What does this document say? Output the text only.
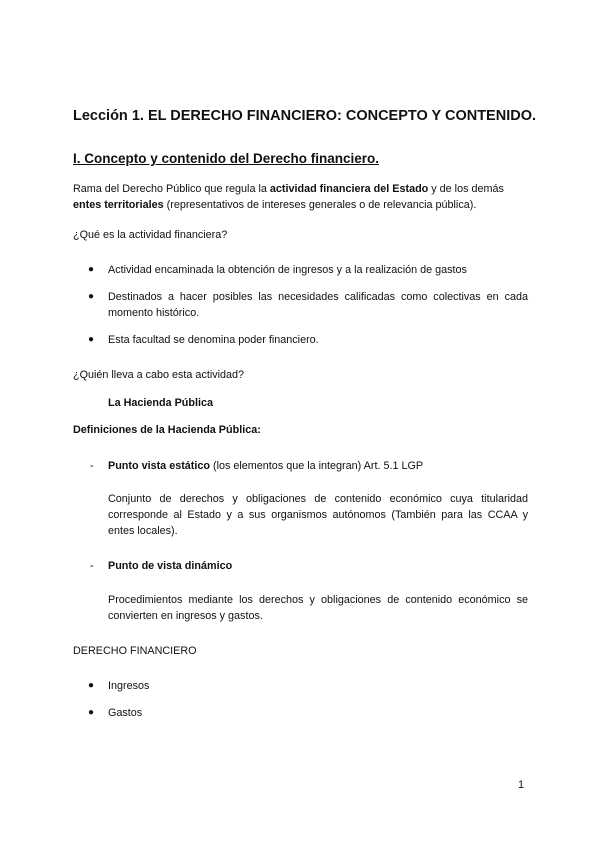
Lección 1. EL DERECHO FINANCIERO: CONCEPTO Y CONTENIDO.
I. Concepto y contenido del Derecho financiero.
Rama del Derecho Público que regula la actividad financiera del Estado y de los demás
entes territoriales (representativos de intereses generales o de relevancia pública).
¿Qué es la actividad financiera?
● Actividad encaminada la obtención de ingresos y a la realización de gastos
● Destinados a hacer posibles las necesidades calificadas como colectivas en cada
momento histórico.
● Esta facultad se denomina poder financiero.
¿Quién lleva a cabo esta actividad?
La Hacienda Pública
Definiciones de la Hacienda Pública:
- Punto vista estático (los elementos que la integran) Art. 5.1 LGP
Conjunto de derechos y obligaciones de contenido económico cuya titularidad
corresponde al Estado y a sus organismos autónomos (También para las CCAA y
entes locales).
- Punto de vista dinámico
Procedimientos mediante los derechos y obligaciones de contenido económico se
convierten en ingresos y gastos.
DERECHO FINANCIERO
● Ingresos
● Gastos
1
